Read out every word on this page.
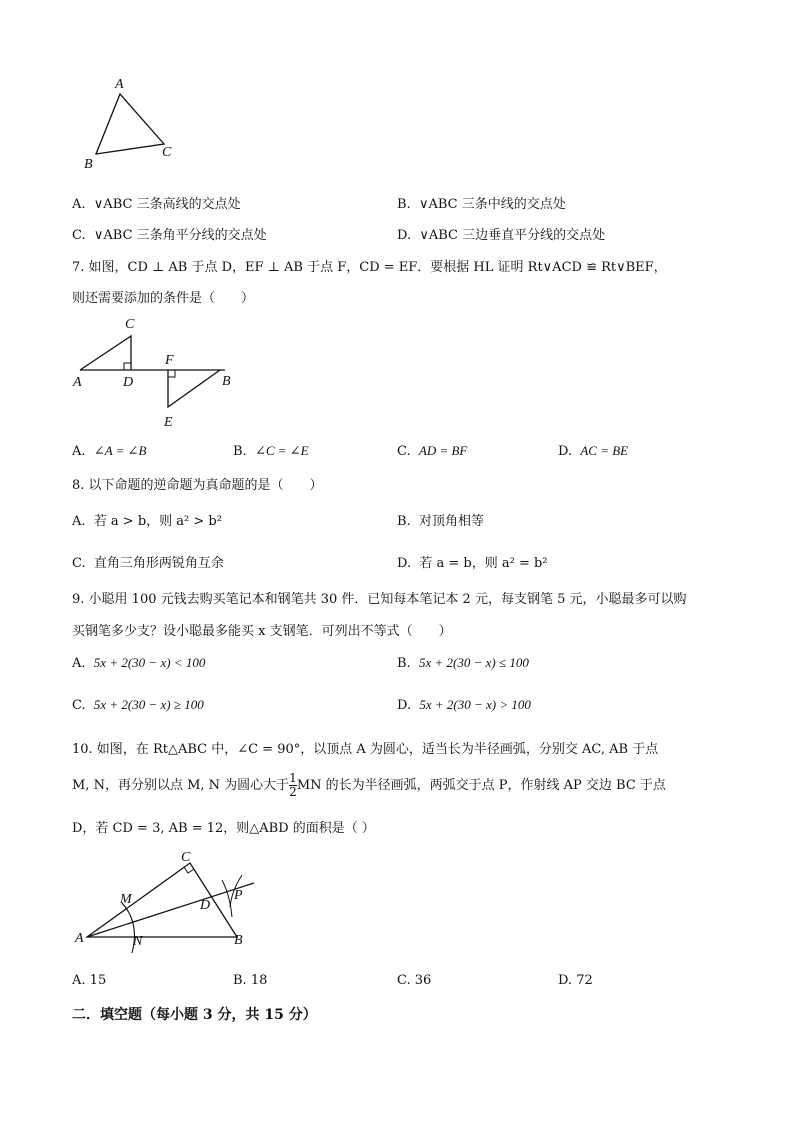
A
B
C
A. ∨ABC 三条高线的交点处	B. ∨ABC 三条中线的交点处
C. ∨ABC 三条角平分线的交点处	D. ∨ABC 三边垂直平分线的交点处
7. 如图，CD ⊥ AB 于点 D，EF ⊥ AB 于点 F，CD = EF．要根据 HL 证明 Rt∨ACD ≌ Rt∨BEF，
则还需要添加的条件是（　　）
C
F
A	D	B
E
A. ∠A = ∠B	B. ∠C = ∠E	C. AD = BF	D. AC = BE
8. 以下命题的逆命题为真命题的是（　　）
A. 若 a > b，则 a² > b²	B. 对顶角相等
C. 直角三角形两锐角互余	D. 若 a = b，则 a² = b²
9. 小聪用 100 元钱去购买笔记本和钢笔共 30 件．已知每本笔记本 2 元，每支钢笔 5 元，小聪最多可以购
买钢笔多少支？设小聪最多能买 x 支钢笔．可列出不等式（　　）
A. 5x + 2(30 − x) < 100	B. 5x + 2(30 − x) ≤ 100
C. 5x + 2(30 − x) ≥ 100	D. 5x + 2(30 − x) > 100
10. 如图，在 Rt△ABC 中，∠C = 90°，以顶点 A 为圆心，适当长为半径画弧，分别交 AC, AB 于点
M, N，再分别以点 M, N 为圆心大于 $\frac{1}{2}$ MN 的长为半径画弧，两弧交于点 P，作射线 AP 交边 BC 于点
D，若 CD = 3, AB = 12，则△ABD 的面积是（ ）
C
M	D
P
A	N	B
A. 15	B. 18	C. 36	D. 72
二．填空题（每小题 3 分，共 15 分）
